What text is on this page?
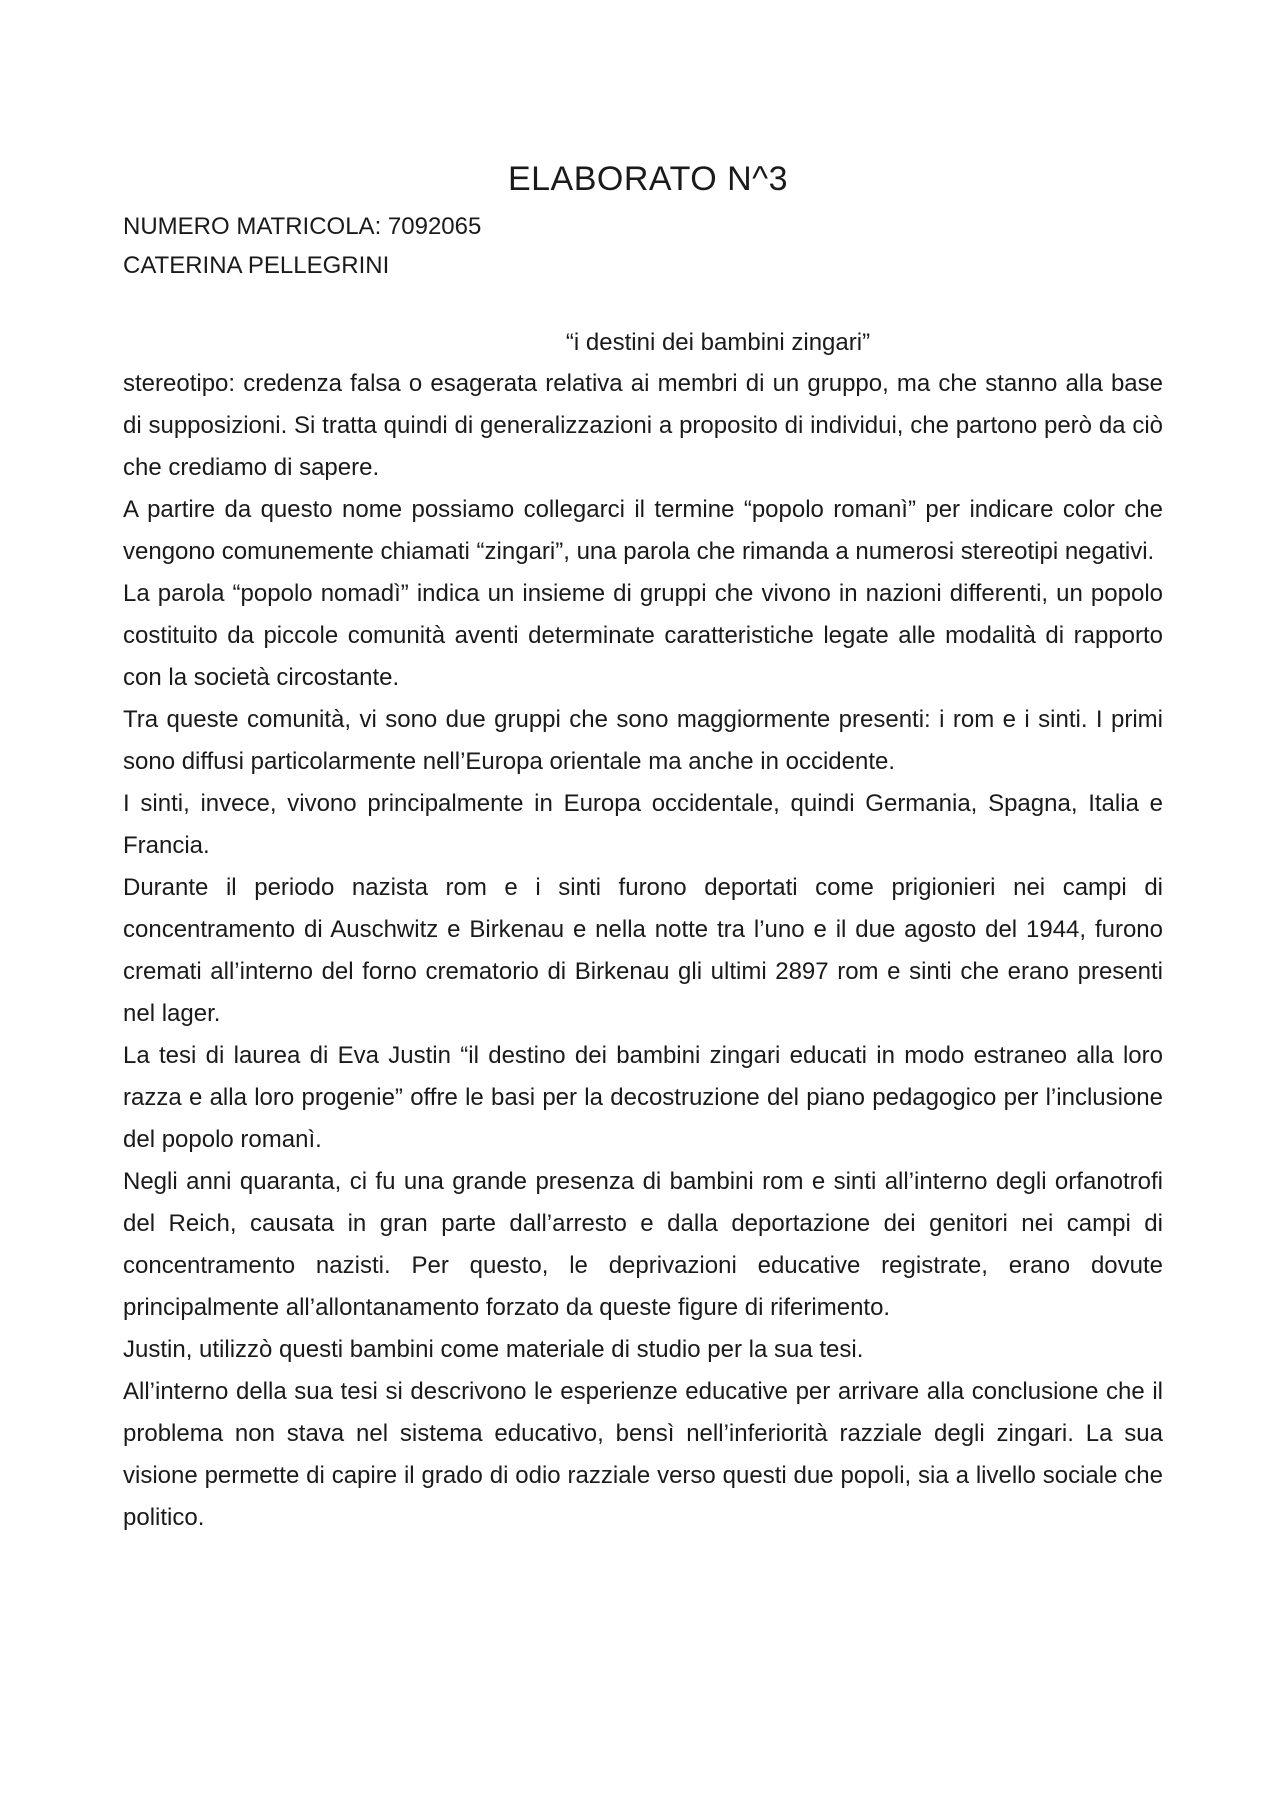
ELABORATO N^3

NUMERO MATRICOLA: 7092065

CATERINA PELLEGRINI

“i destini dei bambini zingari”

stereotipo: credenza falsa o esagerata relativa ai membri di un gruppo, ma che stanno alla base di supposizioni. Si tratta quindi di generalizzazioni a proposito di individui, che partono però da ciò che crediamo di sapere.

A partire da questo nome possiamo collegarci il termine “popolo romanì” per indicare color che vengono comunemente chiamati “zingari”, una parola che rimanda a numerosi stereotipi negativi.

La parola “popolo nomadì” indica un insieme di gruppi che vivono in nazioni differenti, un popolo costituito da piccole comunità aventi determinate caratteristiche legate alle modalità di rapporto con la società circostante.

Tra queste comunità, vi sono due gruppi che sono maggiormente presenti: i rom e i sinti. I primi sono diffusi particolarmente nell’Europa orientale ma anche in occidente.

I sinti, invece, vivono principalmente in Europa occidentale, quindi Germania, Spagna, Italia e Francia.

Durante il periodo nazista rom e i sinti furono deportati come prigionieri nei campi di concentramento di Auschwitz e Birkenau e nella notte tra l’uno e il due agosto del 1944, furono cremati all’interno del forno crematorio di Birkenau gli ultimi 2897 rom e sinti che erano presenti nel lager.

La tesi di laurea di Eva Justin “il destino dei bambini zingari educati in modo estraneo alla loro razza e alla loro progenie” offre le basi per la decostruzione del piano pedagogico per l’inclusione del popolo romanì.

Negli anni quaranta, ci fu una grande presenza di bambini rom e sinti all’interno degli orfanotrofi del Reich, causata in gran parte dall’arresto e dalla deportazione dei genitori nei campi di concentramento nazisti. Per questo, le deprivazioni educative registrate, erano dovute principalmente all’allontanamento forzato da queste figure di riferimento.

Justin, utilizzò questi bambini come materiale di studio per la sua tesi.

All’interno della sua tesi si descrivono le esperienze educative per arrivare alla conclusione che il problema non stava nel sistema educativo, bensì nell’inferiorità razziale degli zingari. La sua visione permette di capire il grado di odio razziale verso questi due popoli, sia a livello sociale che politico.
